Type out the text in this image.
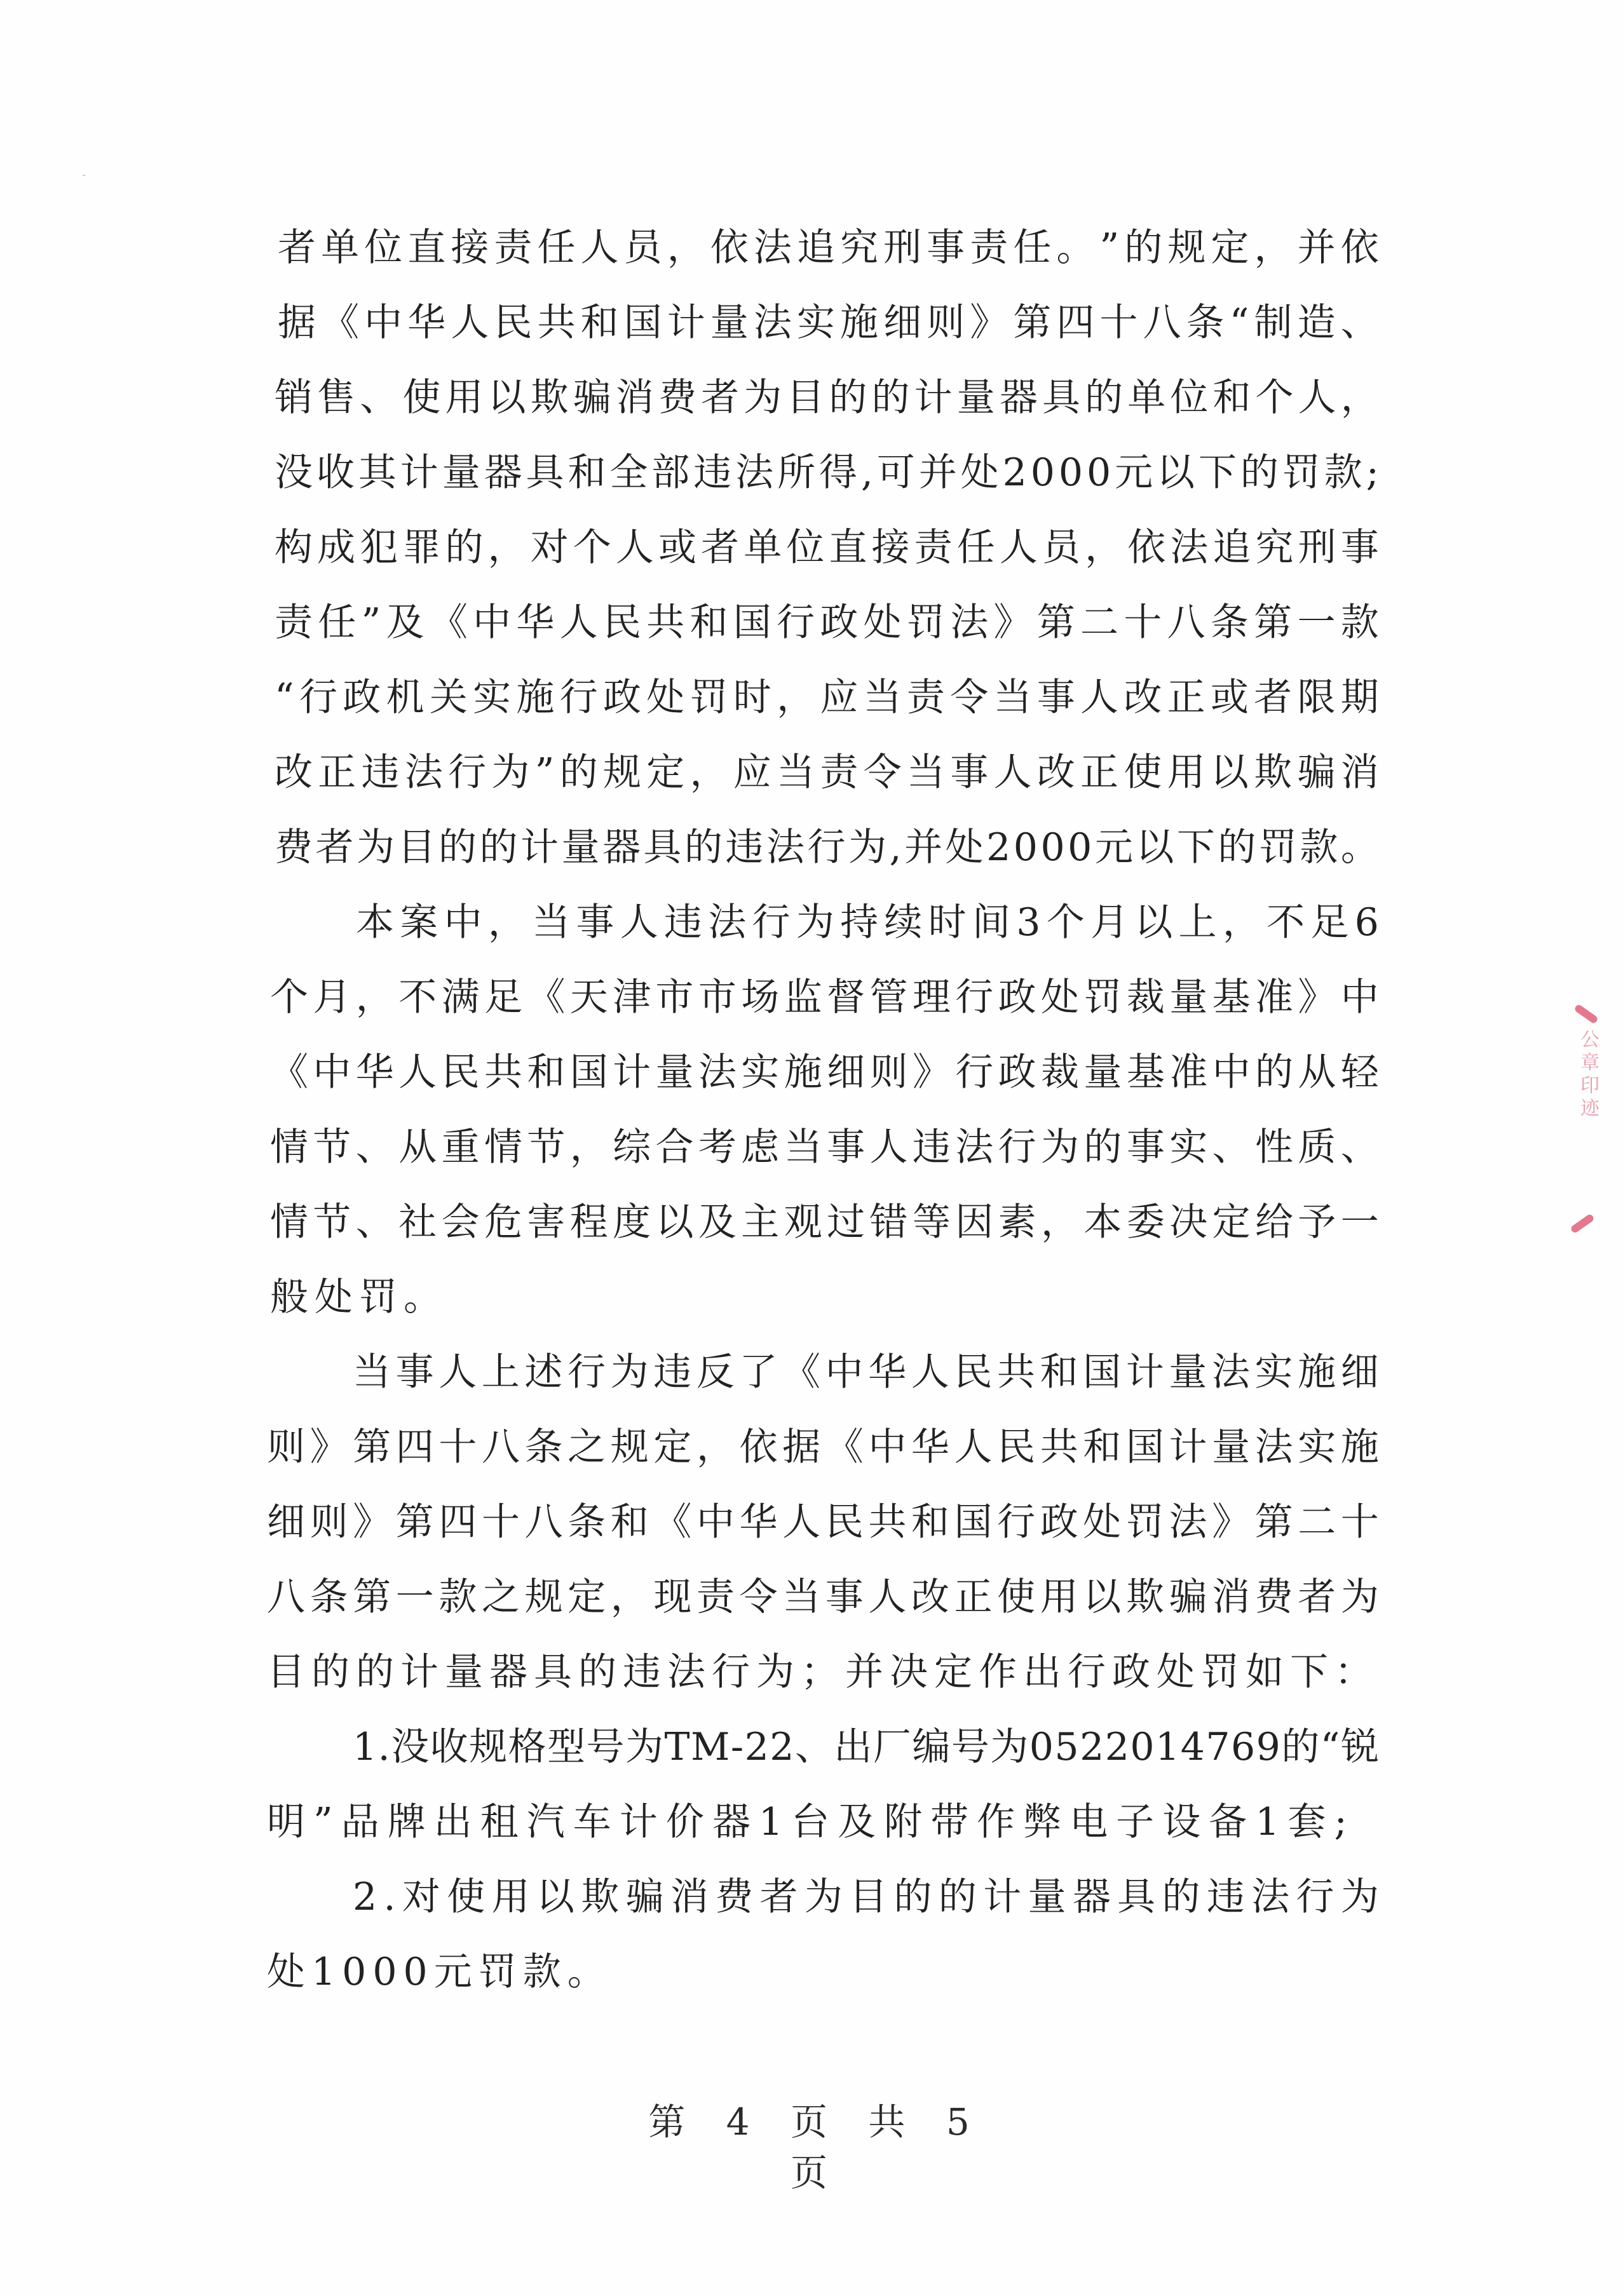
者 单 位 直 接 责 任 人 员 ， 依 法 追 究 刑 事 责 任 。 ” 的 规 定 ， 并 依
据 《 中 华 人 民 共 和 国 计 量 法 实 施 细 则 》 第 四 十 八 条 “ 制 造 、
销 售 、 使 用 以 欺 骗 消 费 者 为 目 的 的 计 量 器 具 的 单 位 和 个 人 ，
没收其计量器具和全部违法所得,可并处2000元以下的罚款;
构 成 犯 罪 的 ， 对 个 人 或 者 单 位 直 接 责 任 人 员 ， 依 法 追 究 刑 事
责 任 ” 及 《 中 华 人 民 共 和 国 行 政 处 罚 法 》 第 二 十 八 条 第 一 款
“ 行 政 机 关 实 施 行 政 处 罚 时 ， 应 当 责 令 当 事 人 改 正 或 者 限 期
改 正 违 法 行 为 ” 的 规 定 ， 应 当 责 令 当 事 人 改 正 使 用 以 欺 骗 消
费者为目的的计量器具的违法行为,并处2000元以下的罚款。
本 案 中 ， 当 事 人 违 法 行 为 持 续 时 间 3 个 月 以 上 ， 不 足 6
个 月 ， 不 满 足 《 天 津 市 市 场 监 督 管 理 行 政 处 罚 裁 量 基 准 》 中
《 中 华 人 民 共 和 国 计 量 法 实 施 细 则 》 行 政 裁 量 基 准 中 的 从 轻
情 节 、 从 重 情 节 ， 综 合 考 虑 当 事 人 违 法 行 为 的 事 实 、 性 质 、
情 节 、 社 会 危 害 程 度 以 及 主 观 过 错 等 因 素 ， 本 委 决 定 给 予 一
般处罚。
当 事 人 上 述 行 为 违 反 了 《 中 华 人 民 共 和 国 计 量 法 实 施 细
则 》 第 四 十 八 条 之 规 定 ， 依 据 《 中 华 人 民 共 和 国 计 量 法 实 施
细 则 》 第 四 十 八 条 和 《 中 华 人 民 共 和 国 行 政 处 罚 法 》 第 二 十
八 条 第 一 款 之 规 定 ， 现 责 令 当 事 人 改 正 使 用 以 欺 骗 消 费 者 为
目的的计量器具的违法行为；并决定作出行政处罚如下：
1.没收规格型号为TM-22、出厂编号为0522014769的“锐
明 ” 品 牌 出 租 汽 车 计 价 器 1 台 及 附 带 作 弊 电 子 设 备 1 套 ;
2 . 对 使 用 以 欺 骗 消 费 者 为 目 的 的 计 量 器 具 的 违 法 行 为
处1000元罚款。
公章印迹
第 4 页 共 5 页
